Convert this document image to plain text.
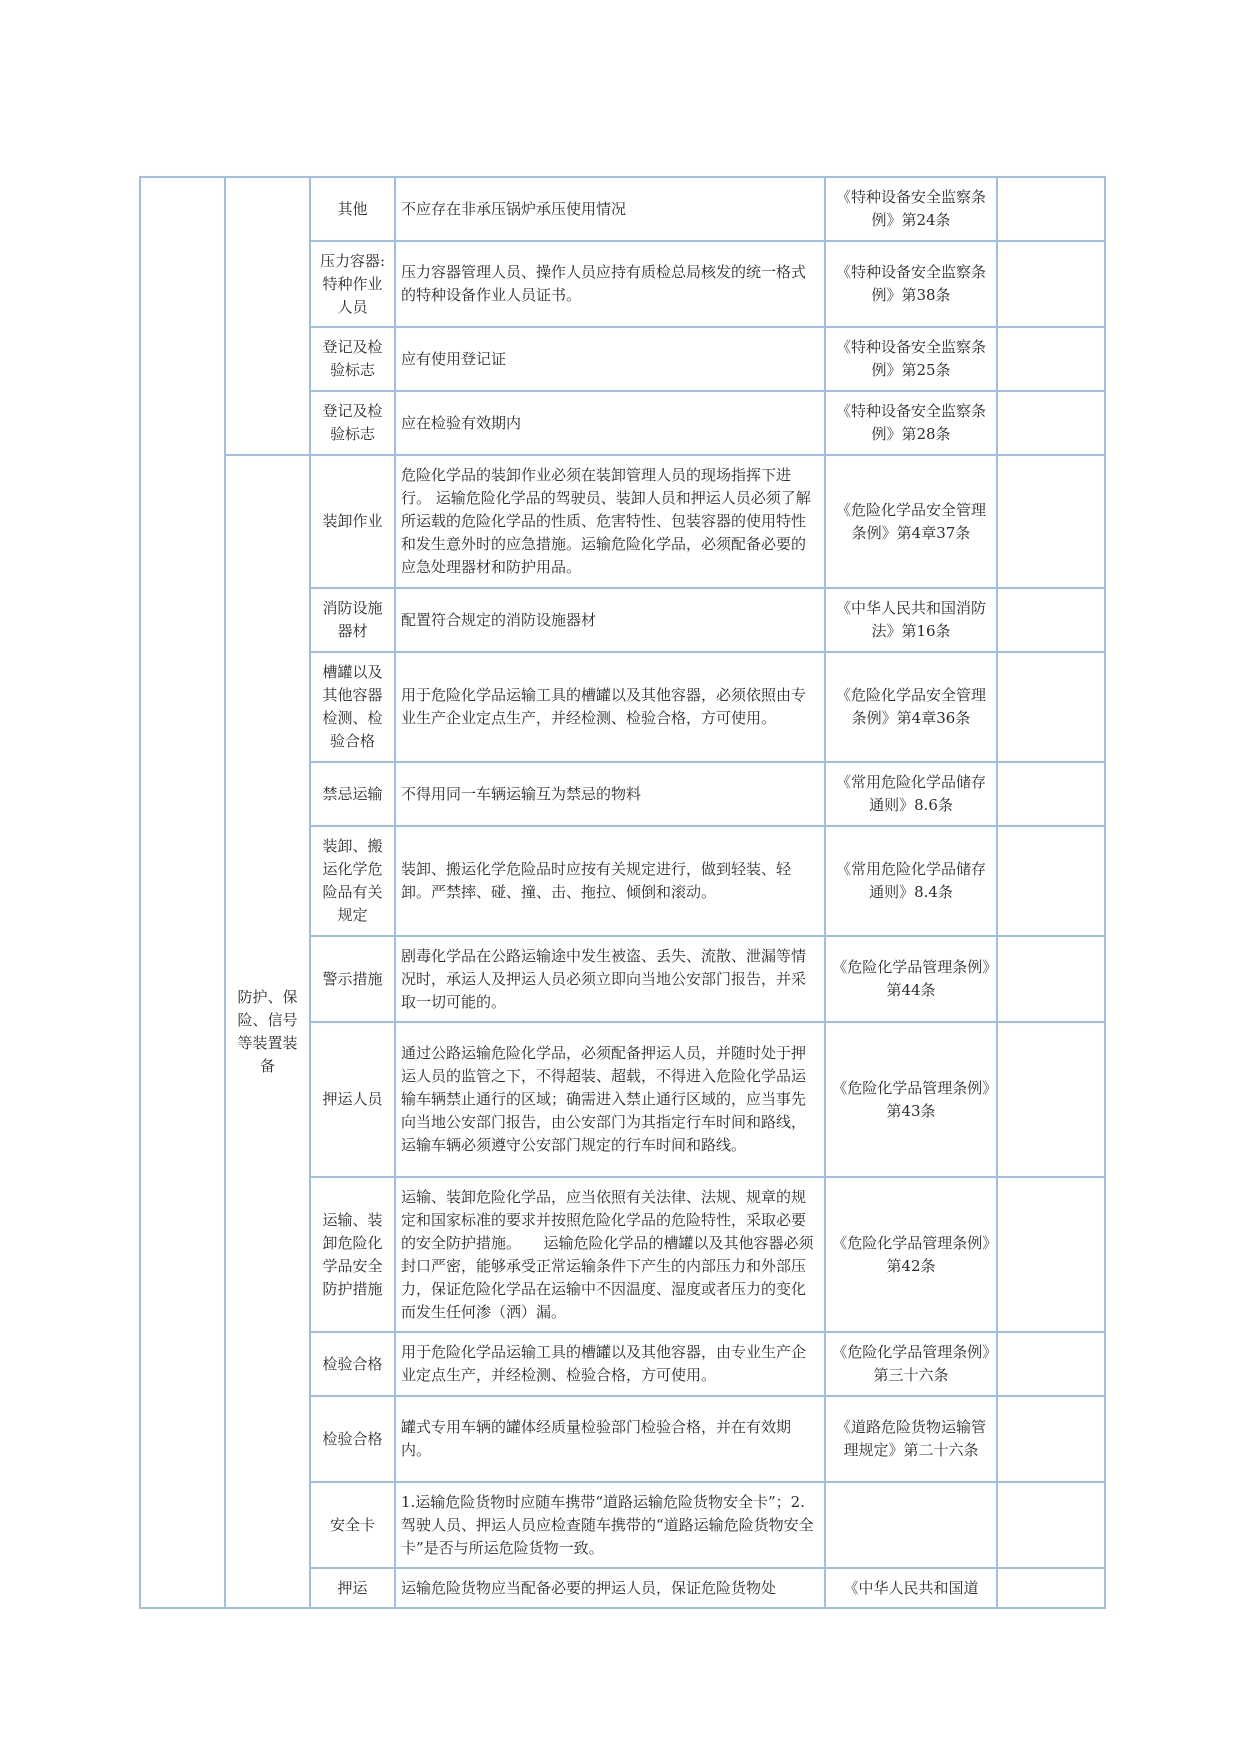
		其他	不应存在非承压锅炉承压使用情况	《特种设备安全监察条例》第24条	
		压力容器:特种作业人员	压力容器管理人员、操作人员应持有质检总局核发的统一格式的特种设备作业人员证书。	《特种设备安全监察条例》第38条	
		登记及检验标志	应有使用登记证	《特种设备安全监察条例》第25条	
		登记及检验标志	应在检验有效期内	《特种设备安全监察条例》第28条	
	防护、保险、信号等装置装备	装卸作业	危险化学品的装卸作业必须在装卸管理人员的现场指挥下进行。 运输危险化学品的驾驶员、装卸人员和押运人员必须了解所运载的危险化学品的性质、危害特性、包装容器的使用特性和发生意外时的应急措施。运输危险化学品，必须配备必要的应急处理器材和防护用品。	《危险化学品安全管理条例》第4章37条	
		消防设施器材	配置符合规定的消防设施器材	《中华人民共和国消防法》第16条	
		槽罐以及其他容器检测、检验合格	用于危险化学品运输工具的槽罐以及其他容器，必须依照由专业生产企业定点生产，并经检测、检验合格，方可使用。	《危险化学品安全管理条例》第4章36条	
		禁忌运输	不得用同一车辆运输互为禁忌的物料	《常用危险化学品储存通则》8.6条	
		装卸、搬运化学危险品有关规定	装卸、搬运化学危险品时应按有关规定进行，做到轻装、轻卸。严禁摔、碰、撞、击、拖拉、倾倒和滚动。	《常用危险化学品储存通则》8.4条	
		警示措施	剧毒化学品在公路运输途中发生被盗、丢失、流散、泄漏等情况时，承运人及押运人员必须立即向当地公安部门报告，并采取一切可能的。	《危险化学品管理条例》第44条	
		押运人员	通过公路运输危险化学品，必须配备押运人员，并随时处于押运人员的监管之下，不得超装、超载，不得进入危险化学品运输车辆禁止通行的区域；确需进入禁止通行区域的，应当事先向当地公安部门报告，由公安部门为其指定行车时间和路线，运输车辆必须遵守公安部门规定的行车时间和路线。	《危险化学品管理条例》第43条	
		运输、装卸危险化学品安全防护措施	运输、装卸危险化学品，应当依照有关法律、法规、规章的规定和国家标准的要求并按照危险化学品的危险特性，采取必要的安全防护措施。　　运输危险化学品的槽罐以及其他容器必须封口严密，能够承受正常运输条件下产生的内部压力和外部压力，保证危险化学品在运输中不因温度、湿度或者压力的变化而发生任何渗（洒）漏。	《危险化学品管理条例》第42条	
		检验合格	用于危险化学品运输工具的槽罐以及其他容器，由专业生产企业定点生产，并经检测、检验合格，方可使用。	《危险化学品管理条例》第三十六条	
		检验合格	罐式专用车辆的罐体经质量检验部门检验合格，并在有效期内。	《道路危险货物运输管理规定》第二十六条	
		安全卡	1.运输危险货物时应随车携带“道路运输危险货物安全卡”；2.驾驶人员、押运人员应检查随车携带的“道路运输危险货物安全卡”是否与所运危险货物一致。		
		押运	运输危险货物应当配备必要的押运人员，保证危险货物处	《中华人民共和国道	
